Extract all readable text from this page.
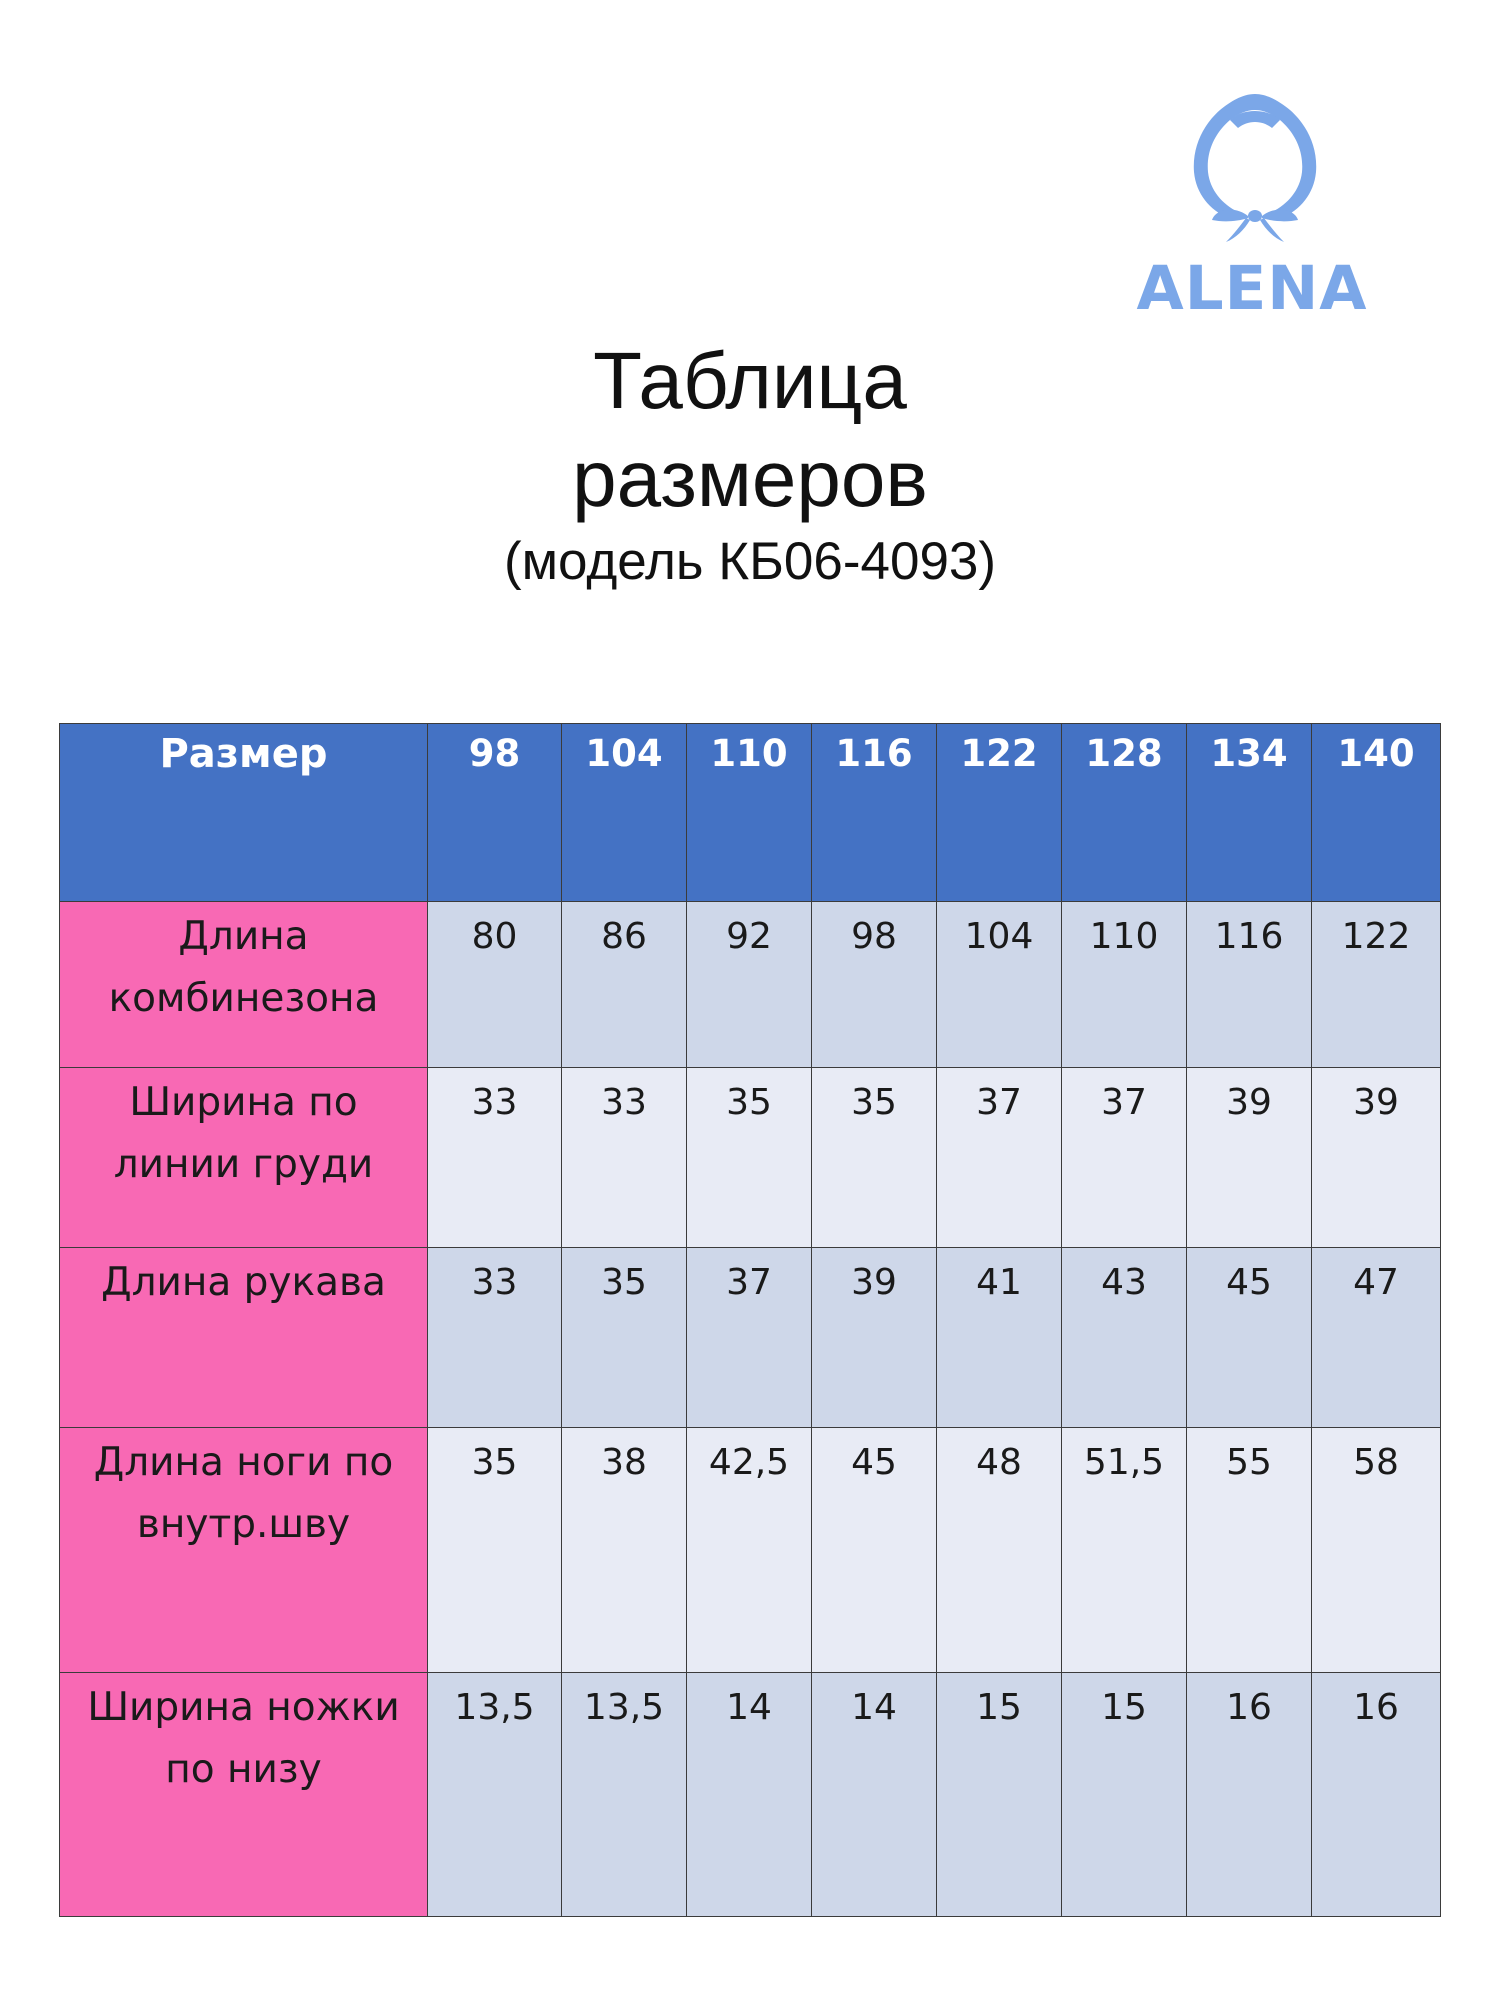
ALENA
Таблица
размеров
(модель КБ06-4093)
Размер	98	104	110	116	122	128	134	140
Длина комбинезона	80	86	92	98	104	110	116	122
Ширина по линии груди	33	33	35	35	37	37	39	39
Длина рукава	33	35	37	39	41	43	45	47
Длина ноги по внутр.шву	35	38	42,5	45	48	51,5	55	58
Ширина ножки по низу	13,5	13,5	14	14	15	15	16	16
